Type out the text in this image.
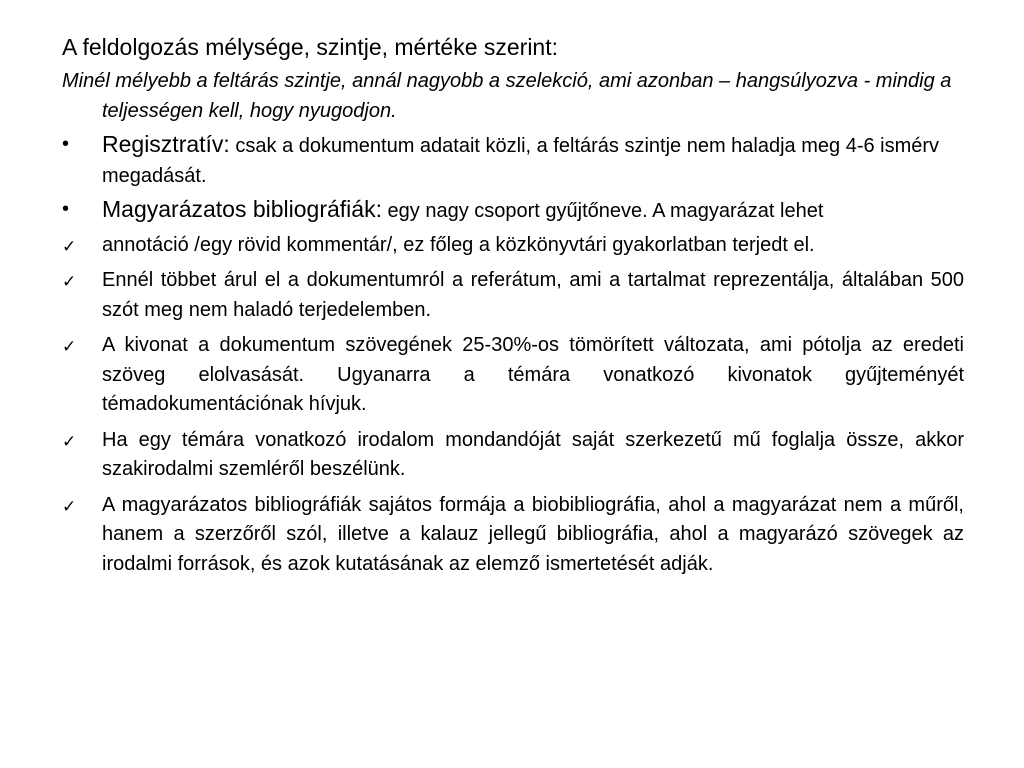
A feldolgozás mélysége, szintje, mértéke szerint:
Minél mélyebb a feltárás szintje, annál nagyobb a szelekció, ami azonban – hangsúlyozva - mindig a teljességen kell, hogy nyugodjon.
•	Regisztratív: csak a dokumentum adatait közli, a feltárás szintje nem haladja meg 4-6 ismérv megadását.
•	Magyarázatos bibliográfiák: egy nagy csoport gyűjtőneve. A magyarázat lehet
✓	annotáció /egy rövid kommentár/, ez főleg a közkönyvtári gyakorlatban terjedt el.
✓	Ennél többet árul el a dokumentumról a referátum, ami a tartalmat reprezentálja, általában 500 szót meg nem haladó terjedelemben.
✓	A kivonat a dokumentum szövegének 25-30%-os tömörített változata, ami pótolja az eredeti szöveg elolvasását. Ugyanarra a témára vonatkozó kivonatok gyűjteményét témadokumentációnak hívjuk.
✓	Ha egy témára vonatkozó irodalom mondandóját saját szerkezetű mű foglalja össze, akkor szakirodalmi szemléről beszélünk.
✓	A magyarázatos bibliográfiák sajátos formája a biobibliográfia, ahol a magyarázat nem a műről, hanem a szerzőről szól, illetve a kalauz jellegű bibliográfia, ahol a magyarázó szövegek az irodalmi források, és azok kutatásának az elemző ismertetését adják.
